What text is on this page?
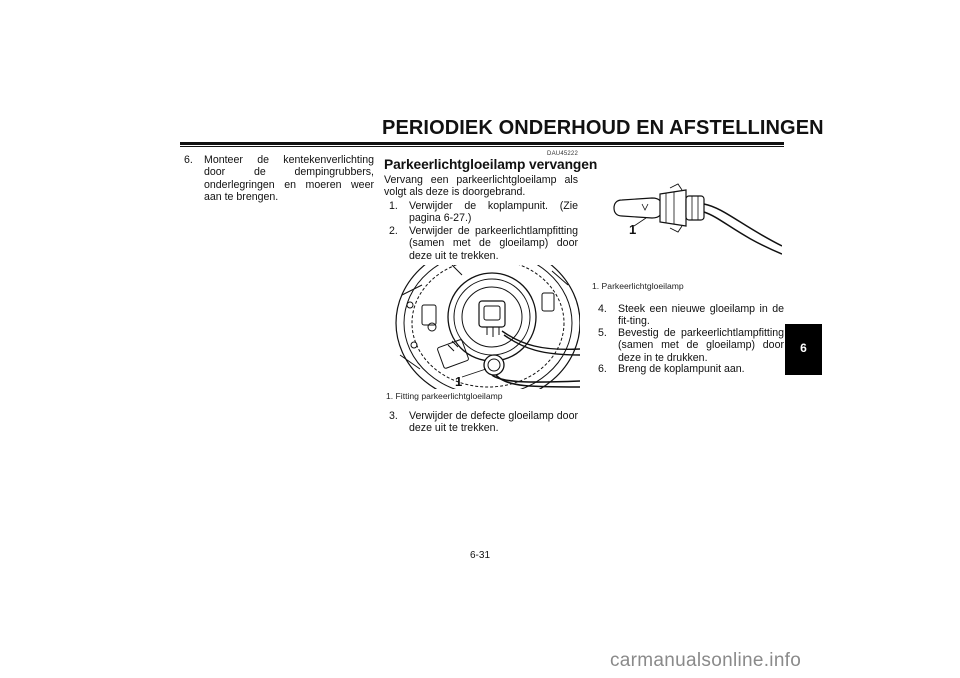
PERIODIEK ONDERHOUD EN AFSTELLINGEN
6.	Monteer de kentekenverlichting door de dempingrubbers, onderlegringen en moeren weer aan te brengen.
DAU45222
Parkeerlichtgloeilamp vervangen
Vervang een parkeerlichtgloeilamp als volgt als deze is doorgebrand.
1.	Verwijder de koplampunit. (Zie pagina 6-27.)
2.	Verwijder de parkeerlichtlampfitting (samen met de gloeilamp) door deze uit te trekken.
1
1. Fitting parkeerlichtgloeilamp
3.	Verwijder de defecte gloeilamp door deze uit te trekken.
1
1. Parkeerlichtgloeilamp
4.	Steek een nieuwe gloeilamp in de fit-ting.
5.	Bevestig de parkeerlichtlampfitting (samen met de gloeilamp) door deze in te drukken.
6.	Breng de koplampunit aan.
6-31
6
carmanualsonline.info
